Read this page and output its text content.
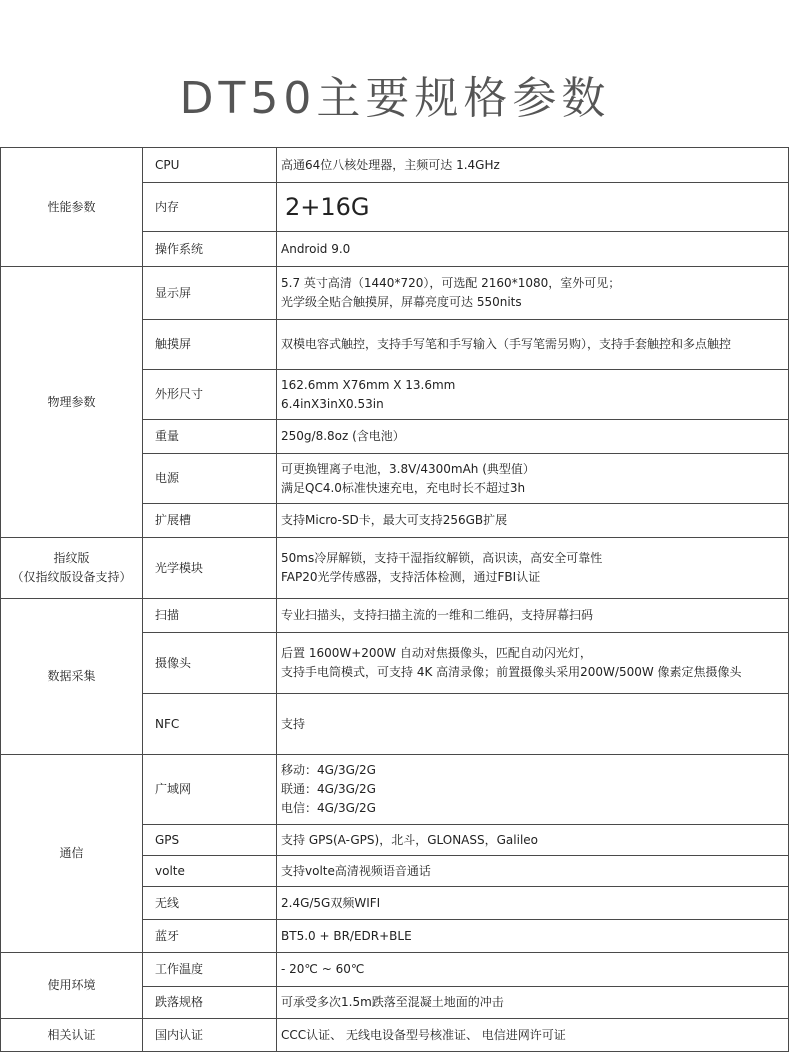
DT50主要规格参数
性能参数	CPU	高通64位八核处理器，主频可达 1.4GHz

	内存	2+16G

	操作系统	Android 9.0

物理参数	显示屏	5.7 英寸高清（1440*720），可选配 2160*1080，室外可见；
光学级全贴合触摸屏，屏幕亮度可达 550nits

	触摸屏	双模电容式触控，支持手写笔和手写输入（手写笔需另购），支持手套触控和多点触控

	外形尺寸	162.6mm X76mm X 13.6mm
6.4inX3inX0.53in

	重量	250g/8.8oz (含电池）

	电源	可更换锂离子电池，3.8V/4300mAh (典型值）
满足QC4.0标准快速充电，充电时长不超过3h

	扩展槽	支持Micro-SD卡，最大可支持256GB扩展

指纹版
（仅指纹版设备支持）	光学模块	50ms冷屏解锁，支持干湿指纹解锁，高识读，高安全可靠性
FAP20光学传感器，支持活体检测，通过FBI认证

数据采集	扫描	专业扫描头，支持扫描主流的一维和二维码，支持屏幕扫码

	摄像头	后置 1600W+200W 自动对焦摄像头，匹配自动闪光灯，
支持手电筒模式，可支持 4K 高清录像；前置摄像头采用200W/500W 像素定焦摄像头

	NFC	支持

通信	广域网	移动：4G/3G/2G
联通：4G/3G/2G
电信：4G/3G/2G

	GPS	支持 GPS(A-GPS)，北斗，GLONASS，Galileo

	volte	支持volte高清视频语音通话

	无线	2.4G/5G双频WIFI

	蓝牙	BT5.0 + BR/EDR+BLE

使用环境	工作温度	- 20℃ ~ 60℃

	跌落规格	可承受多次1.5m跌落至混凝土地面的冲击

相关认证	国内认证	CCC认证、 无线电设备型号核准证、 电信进网许可证
